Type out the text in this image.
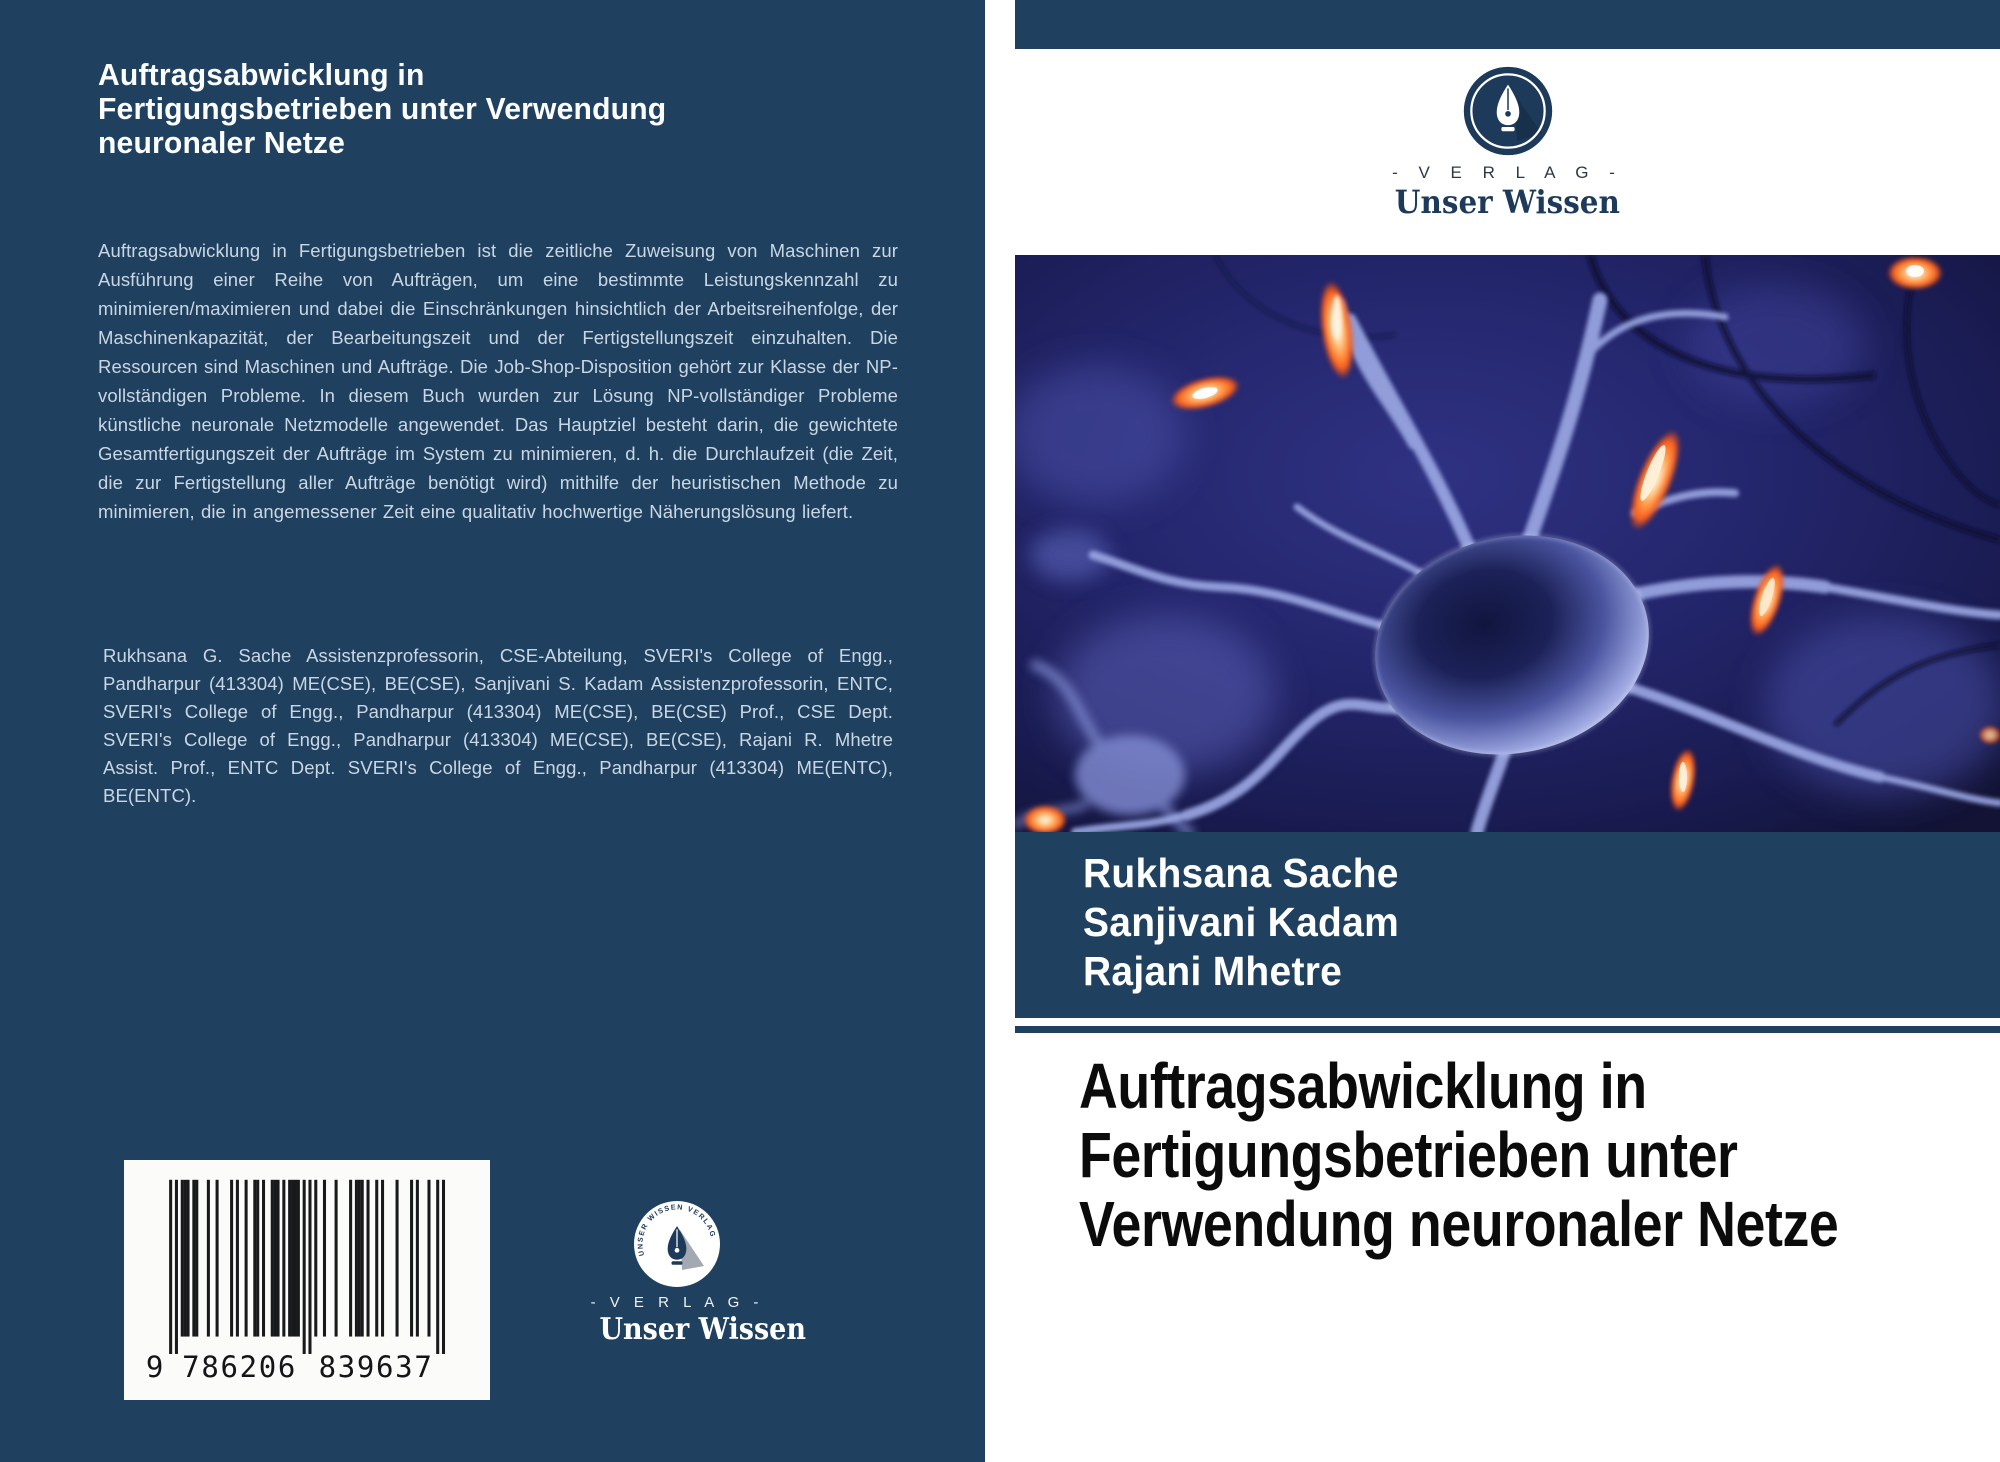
Auftragsabwicklung in Fertigungsbetrieben unter Verwendung neuronaler Netze
Auftragsabwicklung in Fertigungsbetrieben ist die zeitliche Zuweisung von Maschinen zur Ausführung einer Reihe von Aufträgen, um eine bestimmte Leistungskennzahl zu minimieren/maximieren und dabei die Einschränkungen hinsichtlich der Arbeitsreihenfolge, der Maschinenkapazität, der Bearbeitungszeit und der Fertigstellungszeit einzuhalten. Die Ressourcen sind Maschinen und Aufträge. Die Job-Shop-Disposition gehört zur Klasse der NP-vollständigen Probleme. In diesem Buch wurden zur Lösung NP-vollständiger Probleme künstliche neuronale Netzmodelle angewendet. Das Hauptziel besteht darin, die gewichtete Gesamtfertigungszeit der Aufträge im System zu minimieren, d. h. die Durchlaufzeit (die Zeit, die zur Fertigstellung aller Aufträge benötigt wird) mithilfe der heuristischen Methode zu minimieren, die in angemessener Zeit eine qualitativ hochwertige Näherungslösung liefert.
Rukhsana G. Sache Assistenzprofessorin, CSE-Abteilung, SVERI's College of Engg., Pandharpur (413304) ME(CSE), BE(CSE), Sanjivani S. Kadam Assistenzprofessorin, ENTC, SVERI's College of Engg., Pandharpur (413304) ME(CSE), BE(CSE) Prof., CSE Dept. SVERI's College of Engg., Pandharpur (413304) ME(CSE), BE(CSE), Rajani R. Mhetre Assist. Prof., ENTC Dept. SVERI's College of Engg., Pandharpur (413304) ME(ENTC), BE(ENTC).
9 786206 839637
UNSER WISSEN VERLAG
- V E R L A G -
Unser Wissen
- V E R L A G -
Unser Wissen
Rukhsana Sache
Sanjivani Kadam
Rajani Mhetre
Auftragsabwicklung in Fertigungsbetrieben unter Verwendung neuronaler Netze
